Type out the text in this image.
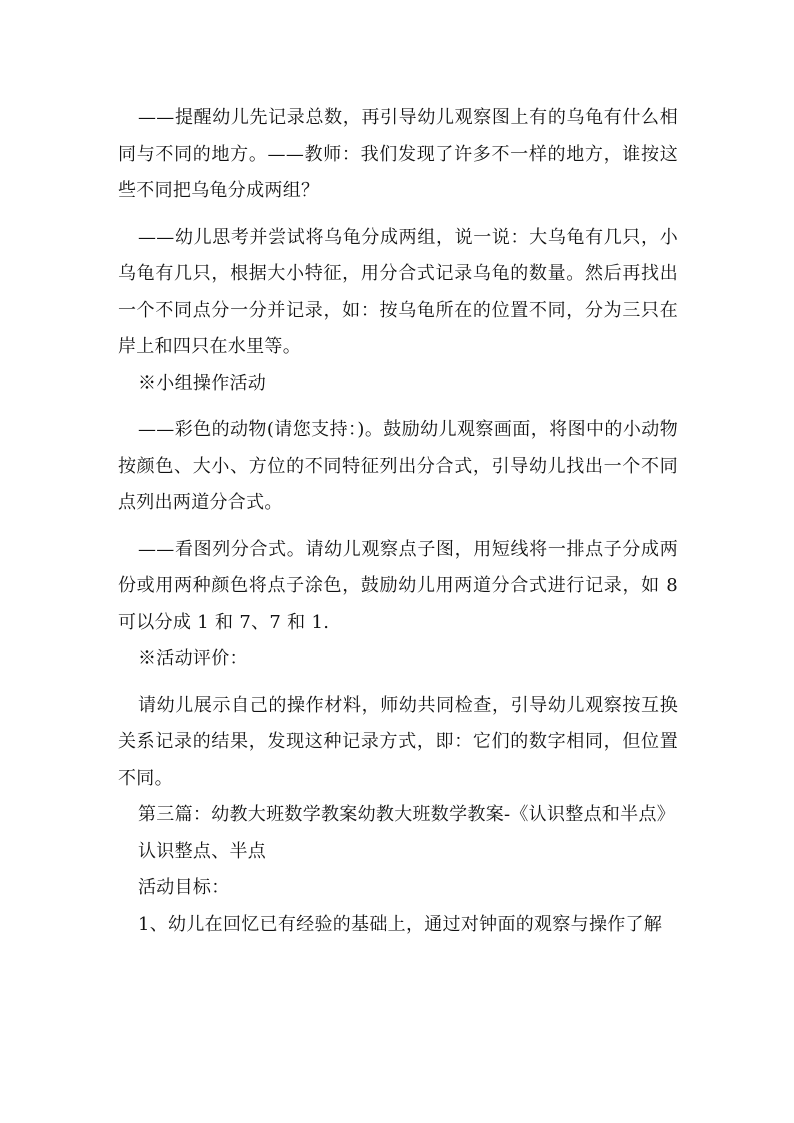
——提醒幼儿先记录总数，再引导幼儿观察图上有的乌龟有什么相同与不同的地方。——教师：我们发现了许多不一样的地方，谁按这些不同把乌龟分成两组？

——幼儿思考并尝试将乌龟分成两组，说一说：大乌龟有几只，小乌龟有几只，根据大小特征，用分合式记录乌龟的数量。然后再找出一个不同点分一分并记录，如：按乌龟所在的位置不同，分为三只在岸上和四只在水里等。

※小组操作活动

——彩色的动物(请您支持：)。鼓励幼儿观察画面，将图中的小动物按颜色、大小、方位的不同特征列出分合式，引导幼儿找出一个不同点列出两道分合式。

——看图列分合式。请幼儿观察点子图，用短线将一排点子分成两份或用两种颜色将点子涂色，鼓励幼儿用两道分合式进行记录，如 8 可以分成 1 和 7、7 和 1.

※活动评价：

请幼儿展示自己的操作材料，师幼共同检查，引导幼儿观察按互换关系记录的结果，发现这种记录方式，即：它们的数字相同，但位置不同。

第三篇：幼教大班数学教案幼教大班数学教案-《认识整点和半点》

认识整点、半点

活动目标：

1、幼儿在回忆已有经验的基础上，通过对钟面的观察与操作了解
